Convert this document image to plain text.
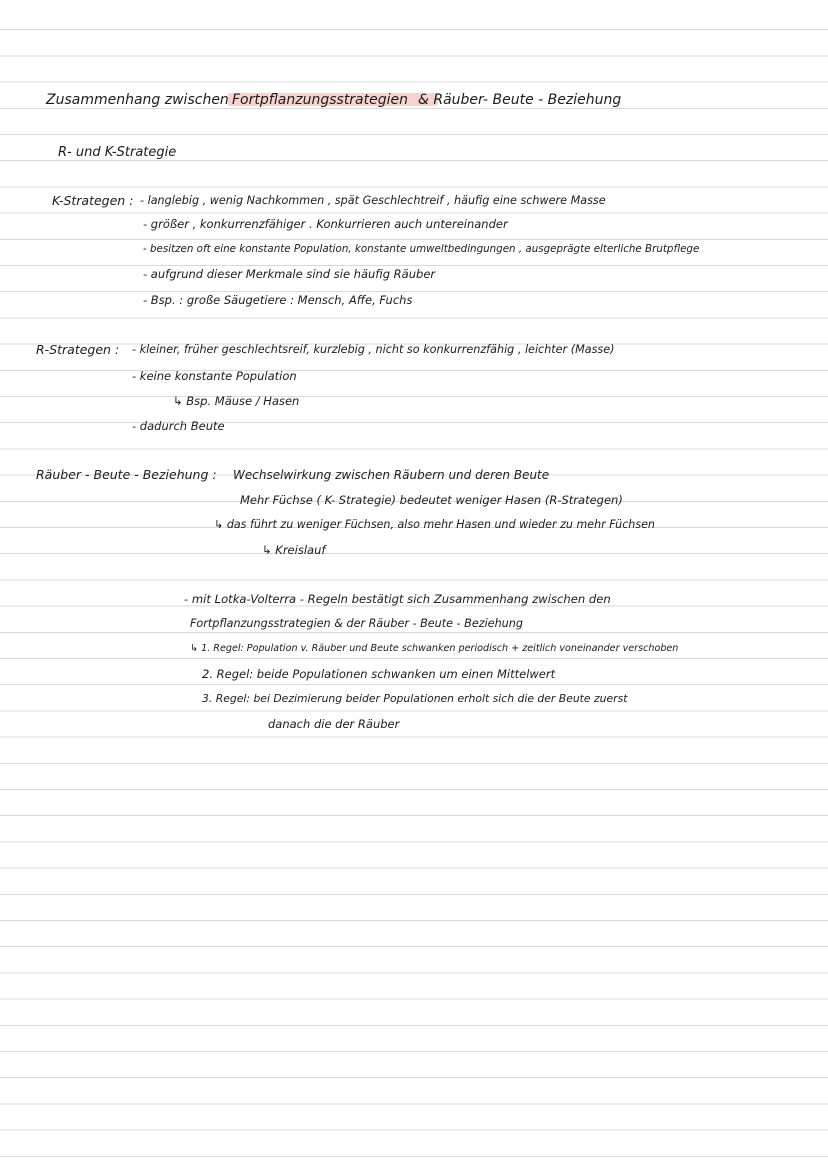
Zusammenhang zwischen Fortpflanzungsstrategien & Räuber- Beute - Beziehung
R- und K-Strategie
K-Strategen : - langlebig , wenig Nachkommen , spät Geschlechtreif , häufig eine schwere Masse
- größer , konkurrenzfähiger . Konkurrieren auch untereinander
- besitzen oft eine konstante Population, konstante umweltbedingungen , ausgeprägte elterliche Brutpflege
- aufgrund dieser Merkmale sind sie häufig Räuber
- Bsp. : große Säugetiere : Mensch, Affe, Fuchs
R-Strategen : - kleiner, früher geschlechtsreif, kurzlebig , nicht so konkurrenzfähig , leichter (Masse)
- keine konstante Population
↳ Bsp. Mäuse / Hasen
- dadurch Beute
Räuber - Beute - Beziehung : Wechselwirkung zwischen Räubern und deren Beute
Mehr Füchse ( K- Strategie) bedeutet weniger Hasen (R-Strategen)
↳ das führt zu weniger Füchsen, also mehr Hasen und wieder zu mehr Füchsen
↳ Kreislauf
- mit Lotka-Volterra - Regeln bestätigt sich Zusammenhang zwischen den
Fortpflanzungsstrategien & der Räuber - Beute - Beziehung
↳ 1. Regel: Population v. Räuber und Beute schwanken periodisch + zeitlich voneinander verschoben
2. Regel: beide Populationen schwanken um einen Mittelwert
3. Regel: bei Dezimierung beider Populationen erholt sich die der Beute zuerst
danach die der Räuber
